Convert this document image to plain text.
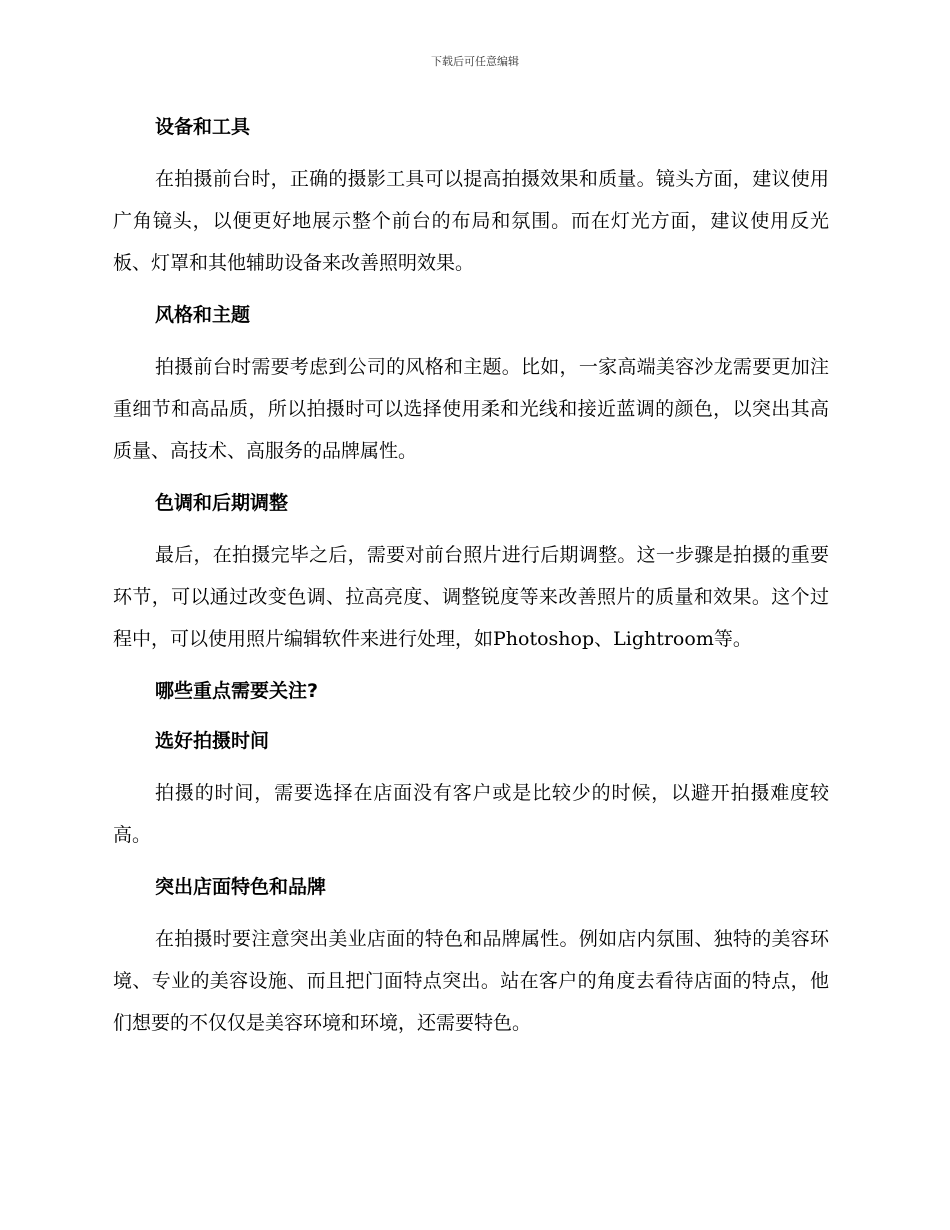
下载后可任意编辑

设备和工具

在拍摄前台时，正确的摄影工具可以提高拍摄效果和质量。镜头方面，建议使用广角镜头，以便更好地展示整个前台的布局和氛围。而在灯光方面，建议使用反光板、灯罩和其他辅助设备来改善照明效果。

风格和主题

拍摄前台时需要考虑到公司的风格和主题。比如，一家高端美容沙龙需要更加注重细节和高品质，所以拍摄时可以选择使用柔和光线和接近蓝调的颜色，以突出其高质量、高技术、高服务的品牌属性。

色调和后期调整

最后，在拍摄完毕之后，需要对前台照片进行后期调整。这一步骤是拍摄的重要环节，可以通过改变色调、拉高亮度、调整锐度等来改善照片的质量和效果。这个过程中，可以使用照片编辑软件来进行处理，如Photoshop、Lightroom等。

哪些重点需要关注?

选好拍摄时间

拍摄的时间，需要选择在店面没有客户或是比较少的时候，以避开拍摄难度较高。

突出店面特色和品牌

在拍摄时要注意突出美业店面的特色和品牌属性。例如店内氛围、独特的美容环境、专业的美容设施、而且把门面特点突出。站在客户的角度去看待店面的特点，他们想要的不仅仅是美容环境和环境，还需要特色。
